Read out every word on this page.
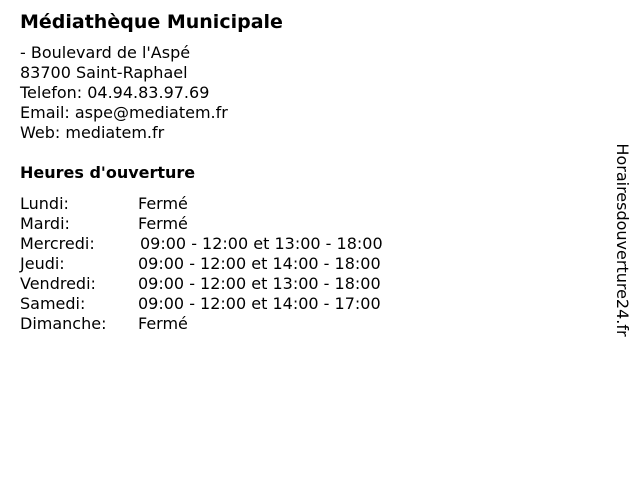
Médiathèque Municipale
- Boulevard de l'Aspé
83700 Saint-Raphael
Telefon: 04.94.83.97.69
Email: aspe@mediatem.fr
Web: mediatem.fr
Heures d'ouverture
Lundi:	Fermé
Mardi:	Fermé
Mercredi:	09:00 - 12:00 et 13:00 - 18:00
Jeudi:	09:00 - 12:00 et 14:00 - 18:00
Vendredi:	09:00 - 12:00 et 13:00 - 18:00
Samedi:	09:00 - 12:00 et 14:00 - 17:00
Dimanche:	Fermé	Horairesdouverture24.fr
